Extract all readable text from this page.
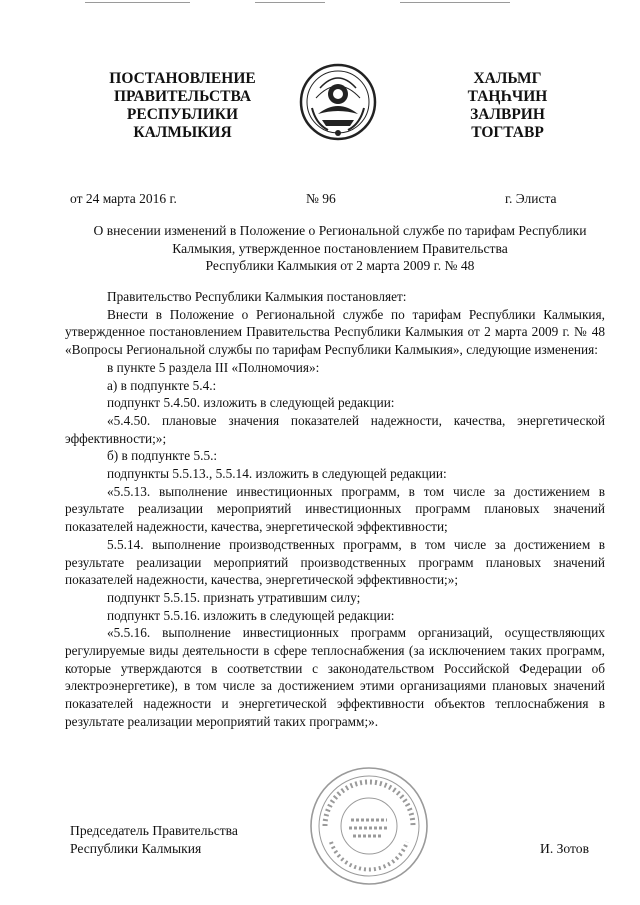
ПОСТАНОВЛЕНИЕ
ПРАВИТЕЛЬСТВА
РЕСПУБЛИКИ
КАЛМЫКИЯ
ХАЛЬМГ
ТАҢҺЧИН
ЗАЛВРИН
ТОГТАВР
от 24 марта 2016 г.	№ 96	г. Элиста
О внесении изменений в Положение о Региональной службе по тарифам Республики
Калмыкия, утвержденное постановлением Правительства
Республики Калмыкия от 2 марта 2009 г. № 48

Правительство Республики Калмыкия постановляет:

Внести в Положение о Региональной службе по тарифам Республики Калмыкия, утвержденное постановлением Правительства Республики Калмыкия от 2 марта 2009 г. № 48 «Вопросы Региональной службы по тарифам Республики Калмыкия», следующие изменения:

в пункте 5 раздела III «Полномочия»:

а) в подпункте 5.4.:

подпункт 5.4.50. изложить в следующей редакции:

«5.4.50. плановые значения показателей надежности, качества, энергетической эффективности;»;

б) в подпункте 5.5.:

подпункты 5.5.13., 5.5.14. изложить в следующей редакции:

«5.5.13. выполнение инвестиционных программ, в том числе за достижением в результате реализации мероприятий инвестиционных программ плановых значений показателей надежности, качества, энергетической эффективности;

5.5.14. выполнение производственных программ, в том числе за достижением в результате реализации мероприятий производственных программ плановых значений показателей надежности, качества, энергетической эффективности;»;

подпункт 5.5.15. признать утратившим силу;

подпункт 5.5.16. изложить в следующей редакции:

«5.5.16. выполнение инвестиционных программ организаций, осуществляющих регулируемые виды деятельности в сфере теплоснабжения (за исключением таких программ, которые утверждаются в соответствии с законодательством Российской Федерации об электроэнергетике), в том числе за достижением этими организациями плановых значений показателей надежности и энергетической эффективности объектов теплоснабжения в результате реализации мероприятий таких программ;».

Председатель Правительства
Республики Калмыкия	И. Зотов
